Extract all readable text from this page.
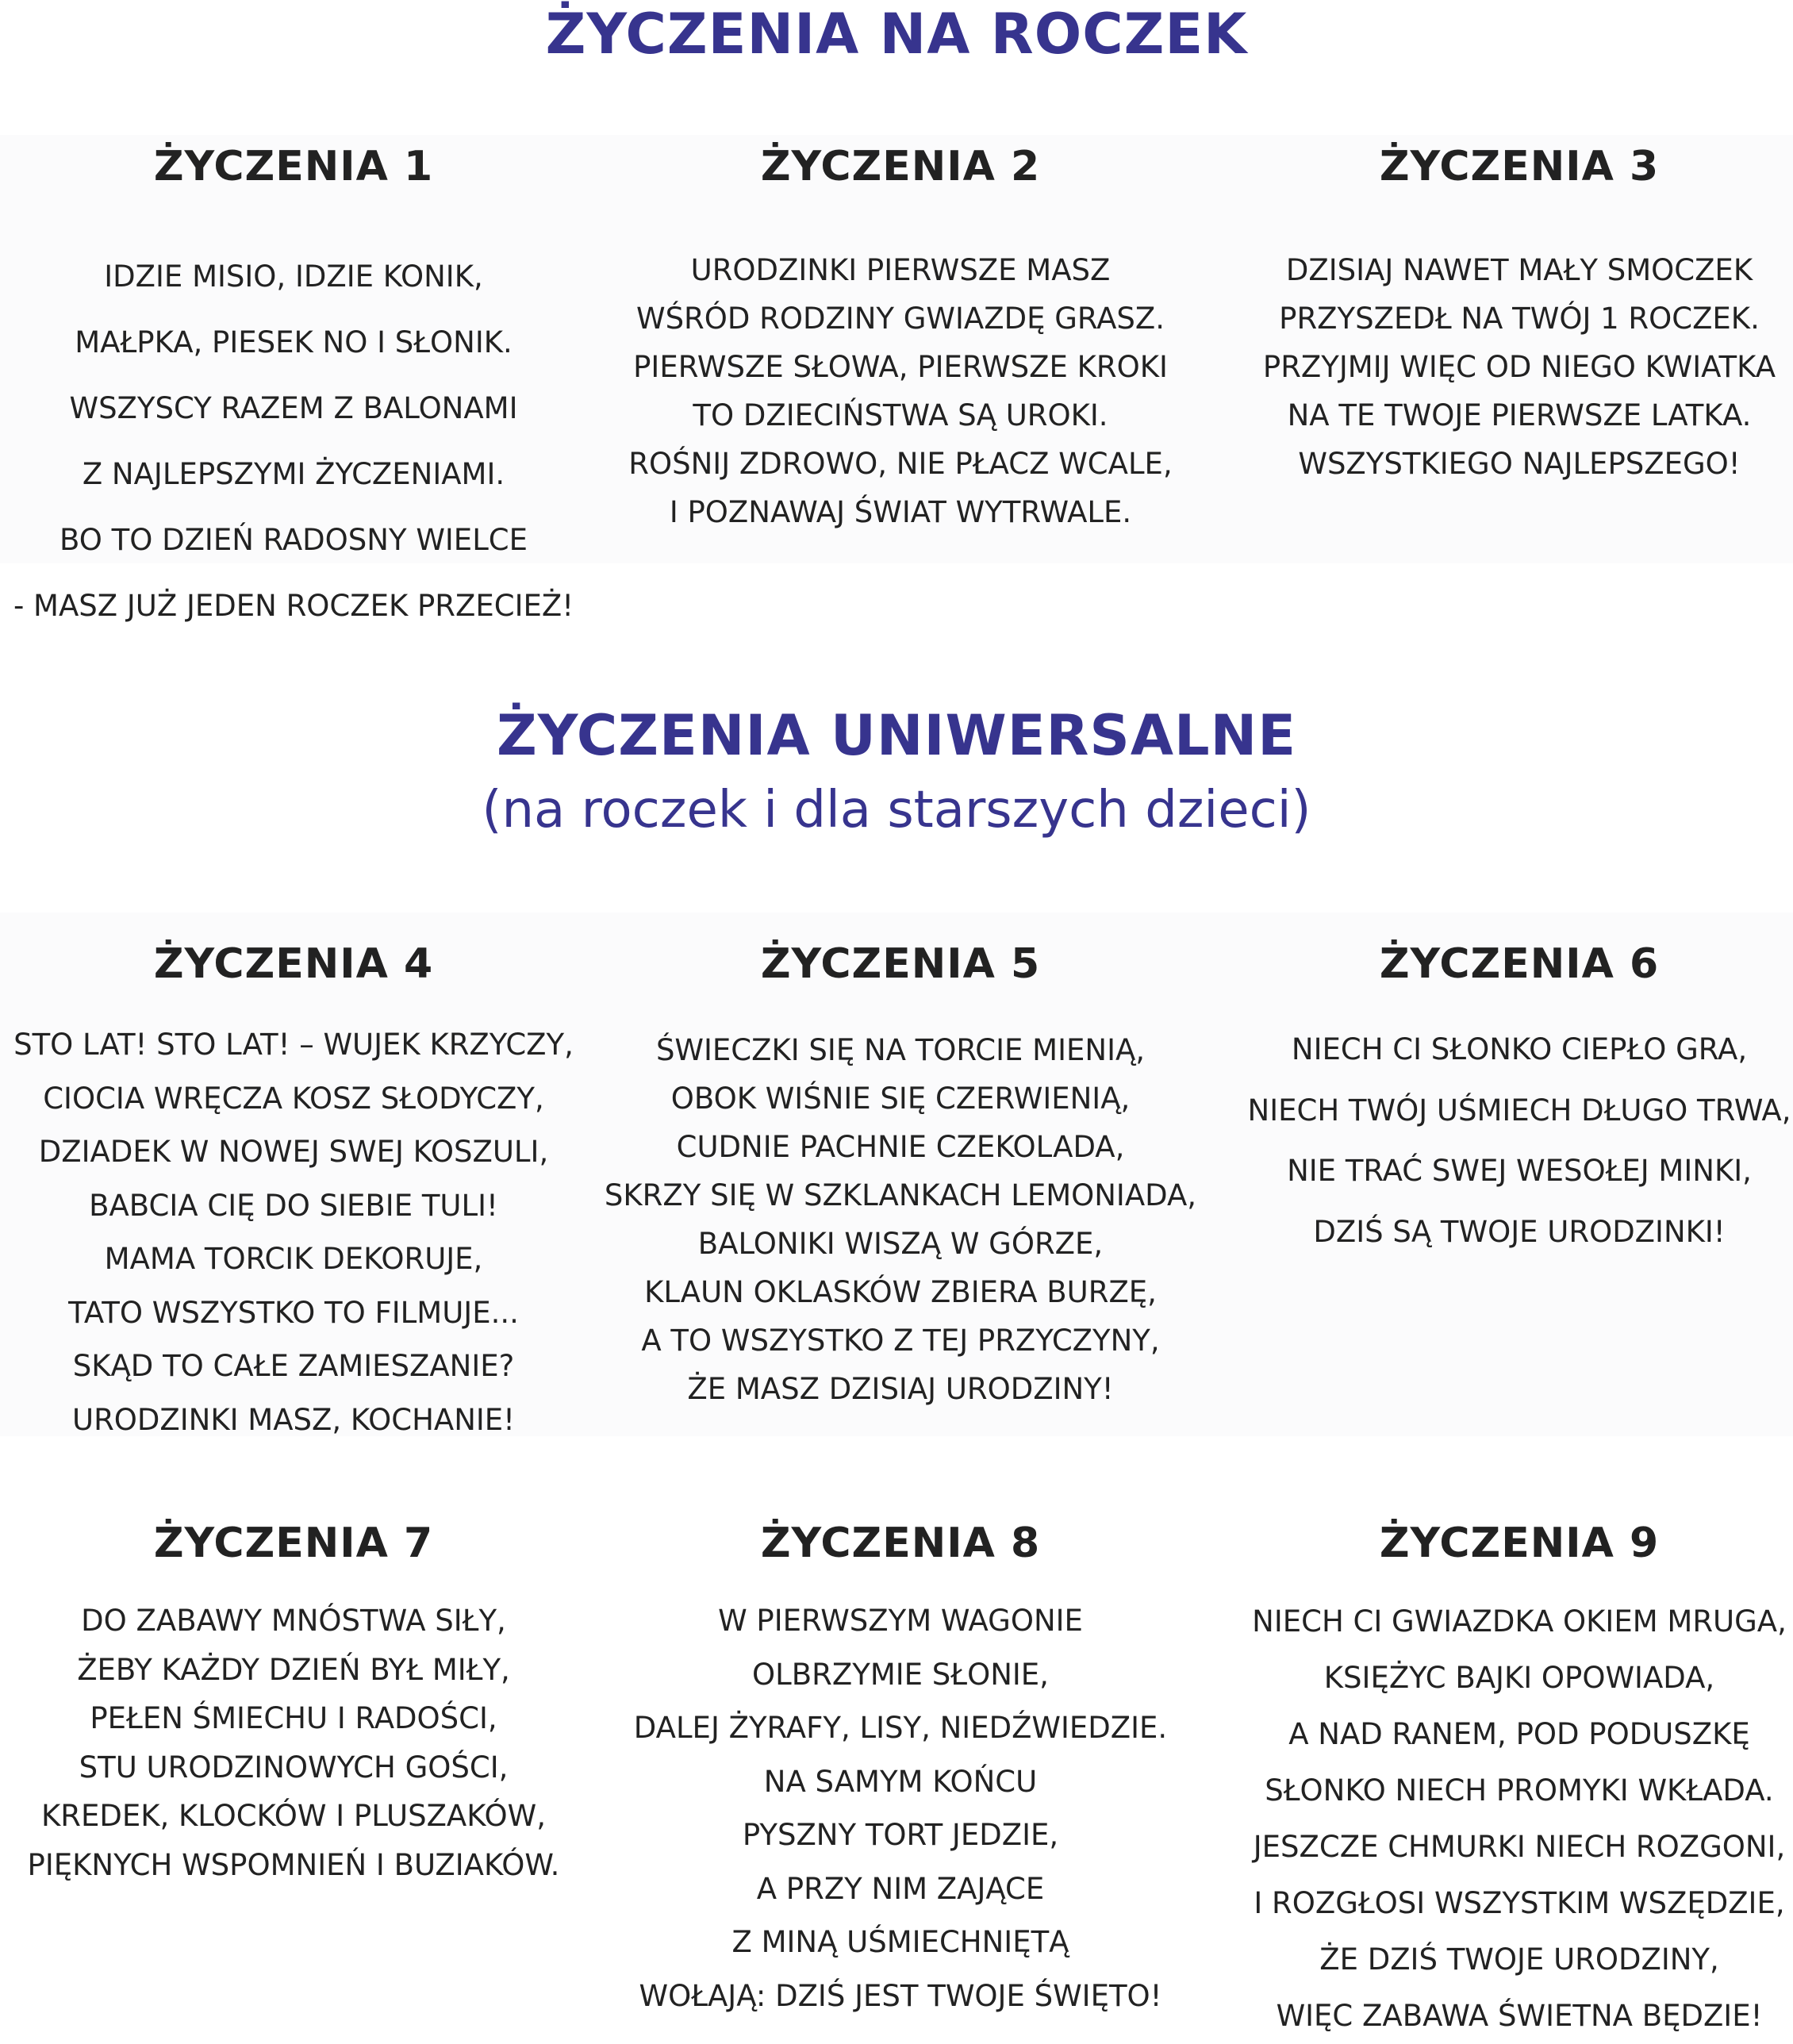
ŻYCZENIA NA ROCZEK
ŻYCZENIA UNIWERSALNE

(na roczek i dla starszych dzieci)

ŻYCZENIA 1
IDZIE MISIO, IDZIE KONIK,
MAŁPKA, PIESEK NO I SŁONIK.
WSZYSCY RAZEM Z BALONAMI
Z NAJLEPSZYMI ŻYCZENIAMI.
BO TO DZIEŃ RADOSNY WIELCE
- MASZ JUŻ JEDEN ROCZEK PRZECIEŻ!
ŻYCZENIA 2
URODZINKI PIERWSZE MASZ
WŚRÓD RODZINY GWIAZDĘ GRASZ.
PIERWSZE SŁOWA, PIERWSZE KROKI
TO DZIECIŃSTWA SĄ UROKI.
ROŚNIJ ZDROWO, NIE PŁACZ WCALE,
I POZNAWAJ ŚWIAT WYTRWALE.
ŻYCZENIA 3
DZISIAJ NAWET MAŁY SMOCZEK
PRZYSZEDŁ NA TWÓJ 1 ROCZEK.
PRZYJMIJ WIĘC OD NIEGO KWIATKA
NA TE TWOJE PIERWSZE LATKA.
WSZYSTKIEGO NAJLEPSZEGO!
ŻYCZENIA 4
STO LAT! STO LAT! – WUJEK KRZYCZY,
CIOCIA WRĘCZA KOSZ SŁODYCZY,
DZIADEK W NOWEJ SWEJ KOSZULI,
BABCIA CIĘ DO SIEBIE TULI!
MAMA TORCIK DEKORUJE,
TATO WSZYSTKO TO FILMUJE...
SKĄD TO CAŁE ZAMIESZANIE?
URODZINKI MASZ, KOCHANIE!
ŻYCZENIA 5
ŚWIECZKI SIĘ NA TORCIE MIENIĄ,
OBOK WIŚNIE SIĘ CZERWIENIĄ,
CUDNIE PACHNIE CZEKOLADA,
SKRZY SIĘ W SZKLANKACH LEMONIADA,
BALONIKI WISZĄ W GÓRZE,
KLAUN OKLASKÓW ZBIERA BURZĘ,
A TO WSZYSTKO Z TEJ PRZYCZYNY,
ŻE MASZ DZISIAJ URODZINY!
ŻYCZENIA 6
NIECH CI SŁONKO CIEPŁO GRA,
NIECH TWÓJ UŚMIECH DŁUGO TRWA,
NIE TRAĆ SWEJ WESOŁEJ MINKI,
DZIŚ SĄ TWOJE URODZINKI!
ŻYCZENIA 7
DO ZABAWY MNÓSTWA SIŁY,
ŻEBY KAŻDY DZIEŃ BYŁ MIŁY,
PEŁEN ŚMIECHU I RADOŚCI,
STU URODZINOWYCH GOŚCI,
KREDEK, KLOCKÓW I PLUSZAKÓW,
PIĘKNYCH WSPOMNIEŃ I BUZIAKÓW.
ŻYCZENIA 8
W PIERWSZYM WAGONIE
OLBRZYMIE SŁONIE,
DALEJ ŻYRAFY, LISY, NIEDŹWIEDZIE.
NA SAMYM KOŃCU
PYSZNY TORT JEDZIE,
A PRZY NIM ZAJĄCE
Z MINĄ UŚMIECHNIĘTĄ
WOŁAJĄ: DZIŚ JEST TWOJE ŚWIĘTO!
ŻYCZENIA 9
NIECH CI GWIAZDKA OKIEM MRUGA,
KSIĘŻYC BAJKI OPOWIADA,
A NAD RANEM, POD PODUSZKĘ
SŁONKO NIECH PROMYKI WKŁADA.
JESZCZE CHMURKI NIECH ROZGONI,
I ROZGŁOSI WSZYSTKIM WSZĘDZIE,
ŻE DZIŚ TWOJE URODZINY,
WIĘC ZABAWA ŚWIETNA BĘDZIE!
